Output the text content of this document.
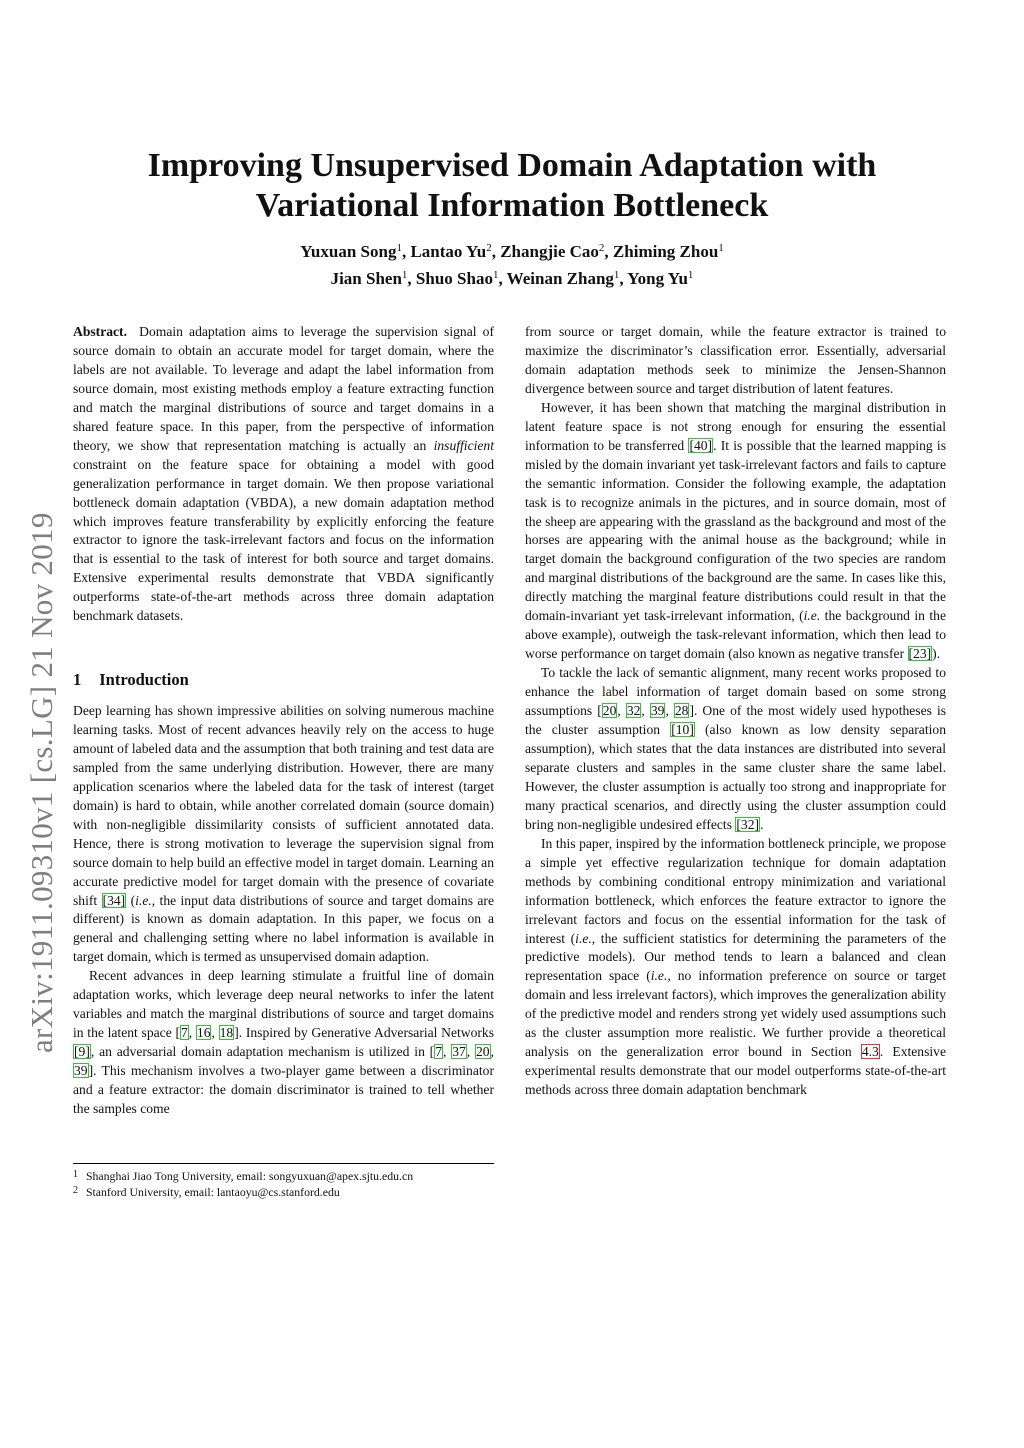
Improving Unsupervised Domain Adaptation with
Variational Information Bottleneck
Yuxuan Song$^1$, Lantao Yu$^2$, Zhangjie Cao$^2$, Zhiming Zhou$^1$
Jian Shen$^1$, Shuo Shao$^1$, Weinan Zhang$^1$, Yong Yu$^1$
arXiv:1911.09310v1 [cs.LG] 21 Nov 2019

Abstract. Domain adaptation aims to leverage the supervision signal of source domain to obtain an accurate model for target domain, where the labels are not available. To leverage and adapt the label information from source domain, most existing methods employ a feature extracting function and match the marginal distributions of source and target domains in a shared feature space. In this paper, from the perspective of information theory, we show that representation matching is actually an insufficient constraint on the feature space for obtaining a model with good generalization performance in target domain. We then propose variational bottleneck domain adaptation (VBDA), a new domain adaptation method which improves feature transferability by explicitly enforcing the feature extractor to ignore the task-irrelevant factors and focus on the information that is essential to the task of interest for both source and target domains. Extensive experimental results demonstrate that VBDA significantly outperforms state-of-the-art methods across three domain adaptation benchmark datasets.

1 Introduction

Deep learning has shown impressive abilities on solving numerous machine learning tasks. Most of recent advances heavily rely on the access to huge amount of labeled data and the assumption that both training and test data are sampled from the same underlying distribution. However, there are many application scenarios where the labeled data for the task of interest (target domain) is hard to obtain, while another correlated domain (source domain) with non-negligible dissimilarity consists of sufficient annotated data. Hence, there is strong motivation to leverage the supervision signal from source domain to help build an effective model in target domain. Learning an accurate predictive model for target domain with the presence of covariate shift [34] (i.e., the input data distributions of source and target domains are different) is known as domain adaptation. In this paper, we focus on a general and challenging setting where no label information is available in target domain, which is termed as unsupervised domain adaption.

Recent advances in deep learning stimulate a fruitful line of domain adaptation works, which leverage deep neural networks to infer the latent variables and match the marginal distributions of source and target domains in the latent space [7, 16, 18]. Inspired by Generative Adversarial Networks [9], an adversarial domain adaptation mechanism is utilized in [7, 37, 20, 39]. This mechanism involves a two-player game between a discriminator and a feature extractor: the domain discriminator is trained to tell whether the samples come

1 Shanghai Jiao Tong University, email: songyuxuan@apex.sjtu.edu.cn
2 Stanford University, email: lantaoyu@cs.stanford.edu

from source or target domain, while the feature extractor is trained to maximize the discriminator’s classification error. Essentially, adversarial domain adaptation methods seek to minimize the Jensen-Shannon divergence between source and target distribution of latent features.

However, it has been shown that matching the marginal distribution in latent feature space is not strong enough for ensuring the essential information to be transferred [40]. It is possible that the learned mapping is misled by the domain invariant yet task-irrelevant factors and fails to capture the semantic information. Consider the following example, the adaptation task is to recognize animals in the pictures, and in source domain, most of the sheep are appearing with the grassland as the background and most of the horses are appearing with the animal house as the background; while in target domain the background configuration of the two species are random and marginal distributions of the background are the same. In cases like this, directly matching the marginal feature distributions could result in that the domain-invariant yet task-irrelevant information, (i.e. the background in the above example), outweigh the task-relevant information, which then lead to worse performance on target domain (also known as negative transfer [23]).

To tackle the lack of semantic alignment, many recent works proposed to enhance the label information of target domain based on some strong assumptions [20, 32, 39, 28]. One of the most widely used hypotheses is the cluster assumption [10] (also known as low density separation assumption), which states that the data instances are distributed into several separate clusters and samples in the same cluster share the same label. However, the cluster assumption is actually too strong and inappropriate for many practical scenarios, and directly using the cluster assumption could bring non-negligible undesired effects [32].

In this paper, inspired by the information bottleneck principle, we propose a simple yet effective regularization technique for domain adaptation methods by combining conditional entropy minimization and variational information bottleneck, which enforces the feature extractor to ignore the irrelevant factors and focus on the essential information for the task of interest (i.e., the sufficient statistics for determining the parameters of the predictive models). Our method tends to learn a balanced and clean representation space (i.e., no information preference on source or target domain and less irrelevant factors), which improves the generalization ability of the predictive model and renders strong yet widely used assumptions such as the cluster assumption more realistic. We further provide a theoretical analysis on the generalization error bound in Section 4.3. Extensive experimental results demonstrate that our model outperforms state-of-the-art methods across three domain adaptation benchmark
